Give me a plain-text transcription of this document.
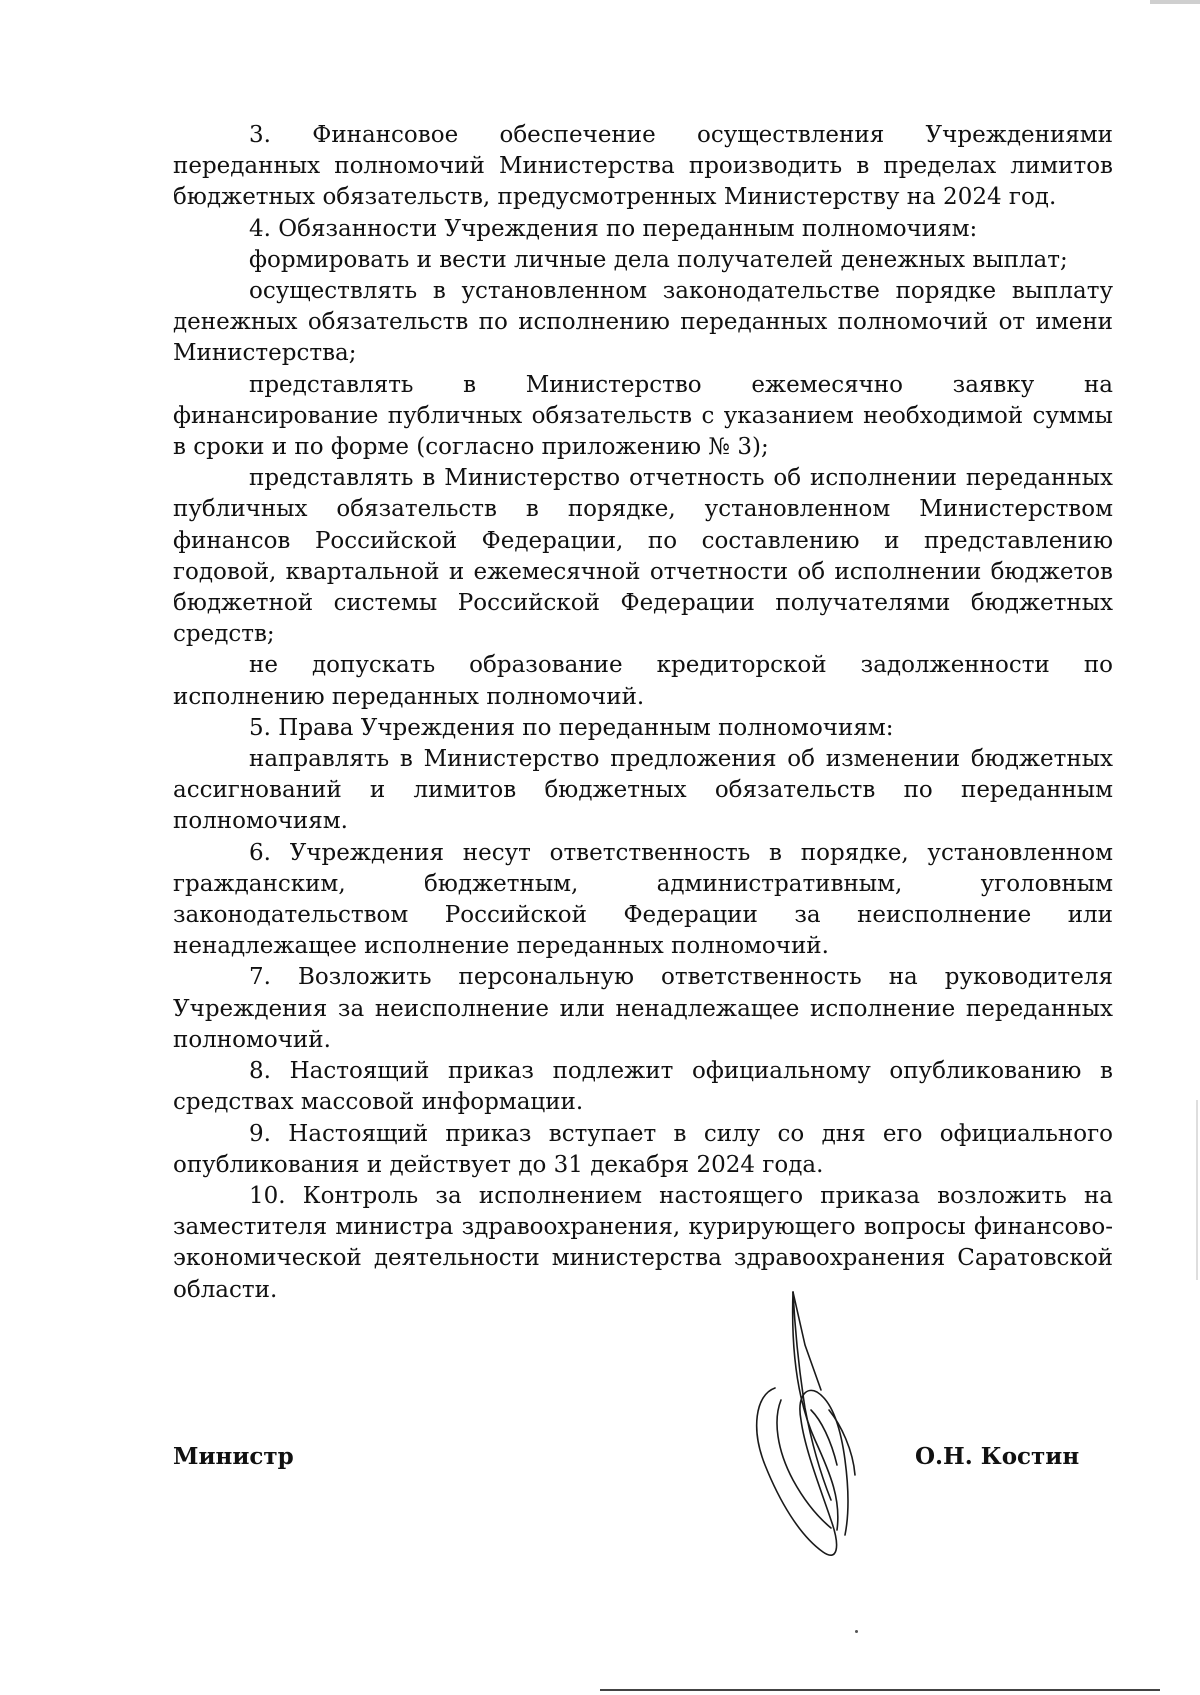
3. Финансовое обеспечение осуществления Учреждениями переданных полномочий Министерства производить в пределах лимитов бюджетных обязательств, предусмотренных Министерству на 2024 год.

4. Обязанности Учреждения по переданным полномочиям:

формировать и вести личные дела получателей денежных выплат;

осуществлять в установленном законодательстве порядке выплату денежных обязательств по исполнению переданных полномочий от имени Министерства;

представлять в Министерство ежемесячно заявку на финансирование публичных обязательств с указанием необходимой суммы в сроки и по форме (согласно приложению № 3);

представлять в Министерство отчетность об исполнении переданных публичных обязательств в порядке, установленном Министерством финансов Российской Федерации, по составлению и представлению годовой, квартальной и ежемесячной отчетности об исполнении бюджетов бюджетной системы Российской Федерации получателями бюджетных средств;

не допускать образование кредиторской задолженности по исполнению переданных полномочий.

5. Права Учреждения по переданным полномочиям:

направлять в Министерство предложения об изменении бюджетных ассигнований и лимитов бюджетных обязательств по переданным полномочиям.

6. Учреждения несут ответственность в порядке, установленном гражданским, бюджетным, административным, уголовным законодательством Российской Федерации за неисполнение или ненадлежащее исполнение переданных полномочий.

7. Возложить персональную ответственность на руководителя Учреждения за неисполнение или ненадлежащее исполнение переданных полномочий.

8. Настоящий приказ подлежит официальному опубликованию в средствах массовой информации.

9. Настоящий приказ вступает в силу со дня его официального опубликования и действует до 31 декабря 2024 года.

10. Контроль за исполнением настоящего приказа возложить на заместителя министра здравоохранения, курирующего вопросы финансово-экономической деятельности министерства здравоохранения Саратовской области.

Министр	О.Н. Костин
